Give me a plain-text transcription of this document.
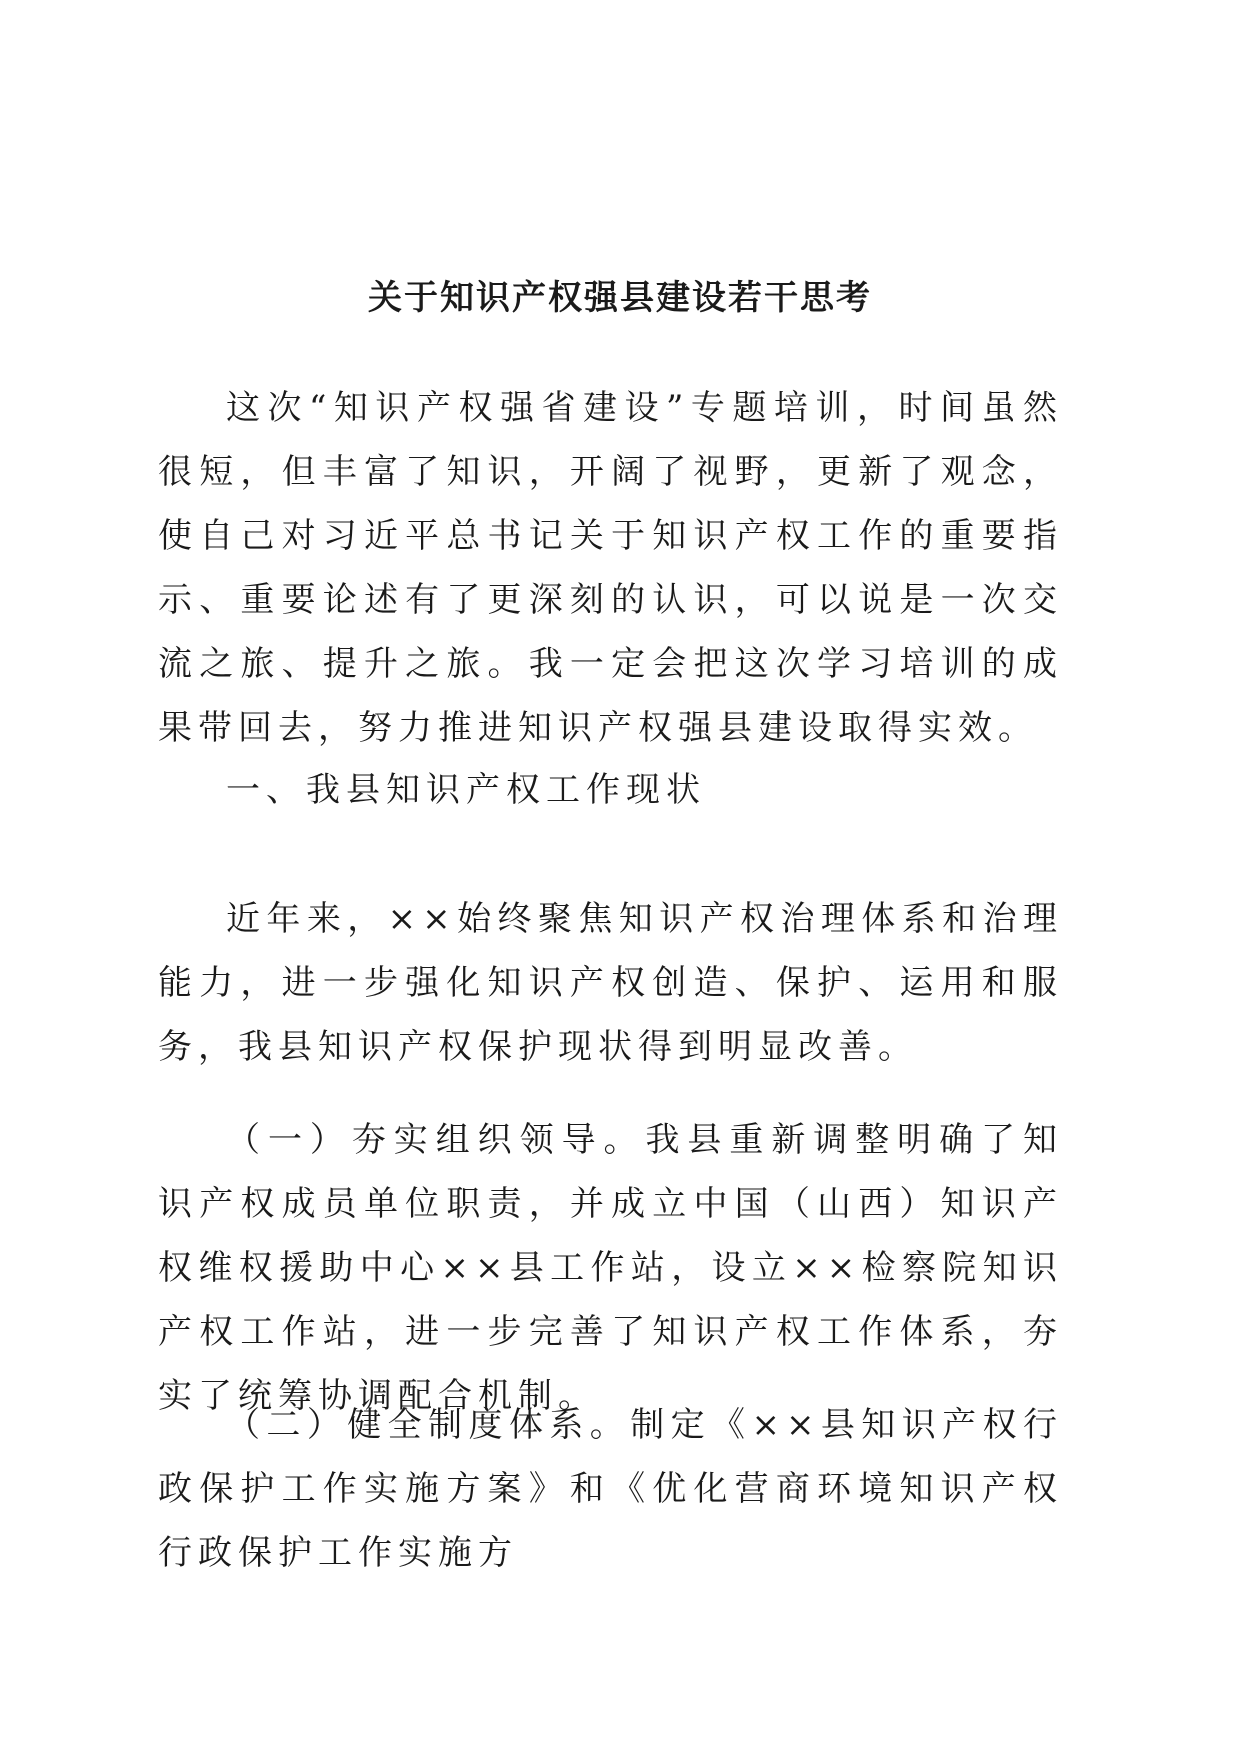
关于知识产权强县建设若干思考

这次“知识产权强省建设”专题培训，时间虽然很短，但丰富了知识，开阔了视野，更新了观念，使自己对习近平总书记关于知识产权工作的重要指示、重要论述有了更深刻的认识，可以说是一次交流之旅、提升之旅。我一定会把这次学习培训的成果带回去，努力推进知识产权强县建设取得实效。

一、我县知识产权工作现状

近年来，××始终聚焦知识产权治理体系和治理能力，进一步强化知识产权创造、保护、运用和服务，我县知识产权保护现状得到明显改善。

（一）夯实组织领导。我县重新调整明确了知识产权成员单位职责，并成立中国（山西）知识产权维权援助中心××县工作站，设立××检察院知识产权工作站，进一步完善了知识产权工作体系，夯实了统筹协调配合机制。

（二）健全制度体系。制定《××县知识产权行政保护工作实施方案》和《优化营商环境知识产权行政保护工作实施方
